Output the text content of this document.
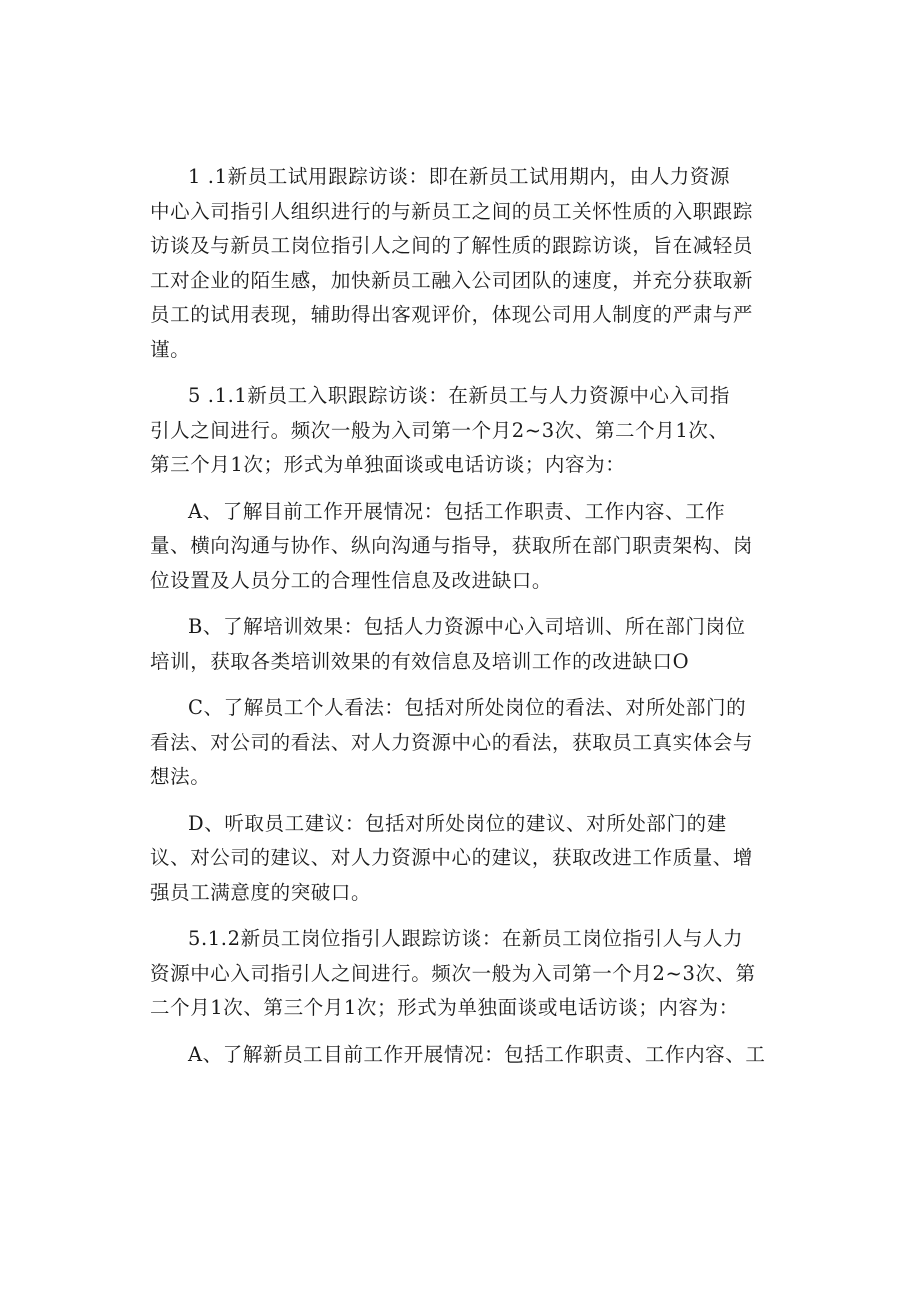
1 .1新员工试用跟踪访谈：即在新员工试用期内，由人力资源
中心入司指引人组织进行的与新员工之间的员工关怀性质的入职跟踪
访谈及与新员工岗位指引人之间的了解性质的跟踪访谈，旨在减轻员
工对企业的陌生感，加快新员工融入公司团队的速度，并充分获取新
员工的试用表现，辅助得出客观评价，体现公司用人制度的严肃与严
谨。
5 .1.1新员工入职跟踪访谈：在新员工与人力资源中心入司指
引人之间进行。频次一般为入司第一个月2~3次、第二个月1次、
第三个月1次；形式为单独面谈或电话访谈；内容为：
A、了解目前工作开展情况：包括工作职责、工作内容、工作
量、横向沟通与协作、纵向沟通与指导，获取所在部门职责架构、岗
位设置及人员分工的合理性信息及改进缺口。
B、了解培训效果：包括人力资源中心入司培训、所在部门岗位
培训，获取各类培训效果的有效信息及培训工作的改进缺口O
C、了解员工个人看法：包括对所处岗位的看法、对所处部门的
看法、对公司的看法、对人力资源中心的看法，获取员工真实体会与
想法。
D、听取员工建议：包括对所处岗位的建议、对所处部门的建
议、对公司的建议、对人力资源中心的建议，获取改进工作质量、增
强员工满意度的突破口。
5.1.2新员工岗位指引人跟踪访谈：在新员工岗位指引人与人力
资源中心入司指引人之间进行。频次一般为入司第一个月2~3次、第
二个月1次、第三个月1次；形式为单独面谈或电话访谈；内容为：
A、了解新员工目前工作开展情况：包括工作职责、工作内容、工
